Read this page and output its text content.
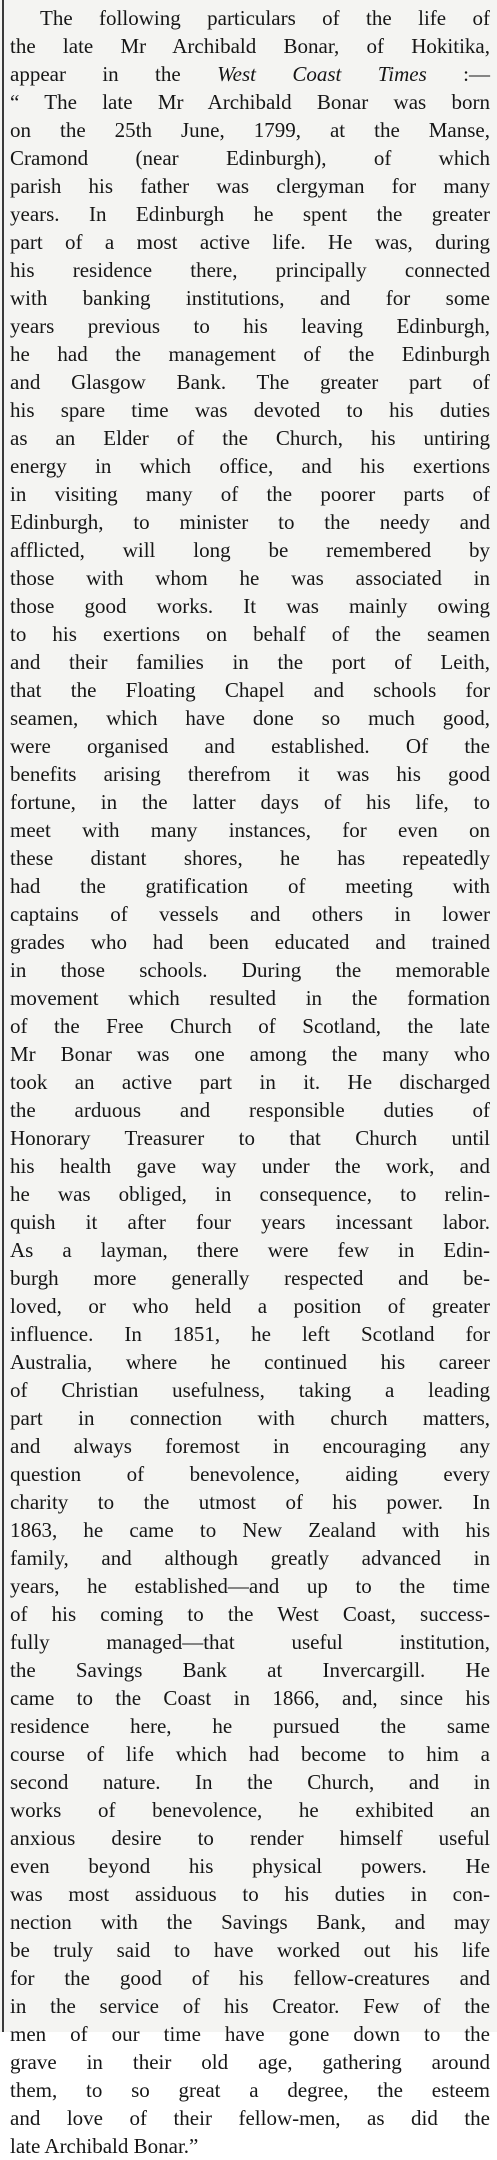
The following particulars of the life of
the late Mr Archibald Bonar, of Hokitika,
appear in the West Coast Times :—
“ The late Mr Archibald Bonar was born
on the 25th June, 1799, at the Manse,
Cramond (near Edinburgh), of which
parish his father was clergyman for many
years. In Edinburgh he spent the greater
part of a most active life. He was, during
his residence there, principally connected
with banking institutions, and for some
years previous to his leaving Edinburgh,
he had the management of the Edinburgh
and Glasgow Bank. The greater part of
his spare time was devoted to his duties
as an Elder of the Church, his untiring
energy in which office, and his exertions
in visiting many of the poorer parts of
Edinburgh, to minister to the needy and
afflicted, will long be remembered by
those with whom he was associated in
those good works. It was mainly owing
to his exertions on behalf of the seamen
and their families in the port of Leith,
that the Floating Chapel and schools for
seamen, which have done so much good,
were organised and established. Of the
benefits arising therefrom it was his good
fortune, in the latter days of his life, to
meet with many instances, for even on
these distant shores, he has repeatedly
had the gratification of meeting with
captains of vessels and others in lower
grades who had been educated and trained
in those schools. During the memorable
movement which resulted in the formation
of the Free Church of Scotland, the late
Mr Bonar was one among the many who
took an active part in it. He discharged
the arduous and responsible duties of
Honorary Treasurer to that Church until
his health gave way under the work, and
he was obliged, in consequence, to relin-
quish it after four years incessant labor.
As a layman, there were few in Edin-
burgh more generally respected and be-
loved, or who held a position of greater
influence. In 1851, he left Scotland for
Australia, where he continued his career
of Christian usefulness, taking a leading
part in connection with church matters,
and always foremost in encouraging any
question of benevolence, aiding every
charity to the utmost of his power. In
1863, he came to New Zealand with his
family, and although greatly advanced in
years, he established—and up to the time
of his coming to the West Coast, success-
fully managed—that useful institution,
the Savings Bank at Invercargill. He
came to the Coast in 1866, and, since his
residence here, he pursued the same
course of life which had become to him a
second nature. In the Church, and in
works of benevolence, he exhibited an
anxious desire to render himself useful
even beyond his physical powers. He
was most assiduous to his duties in con-
nection with the Savings Bank, and may
be truly said to have worked out his life
for the good of his fellow-creatures and
in the service of his Creator. Few of the
men of our time have gone down to the
grave in their old age, gathering around
them, to so great a degree, the esteem
and love of their fellow-men, as did the
late Archibald Bonar.”
